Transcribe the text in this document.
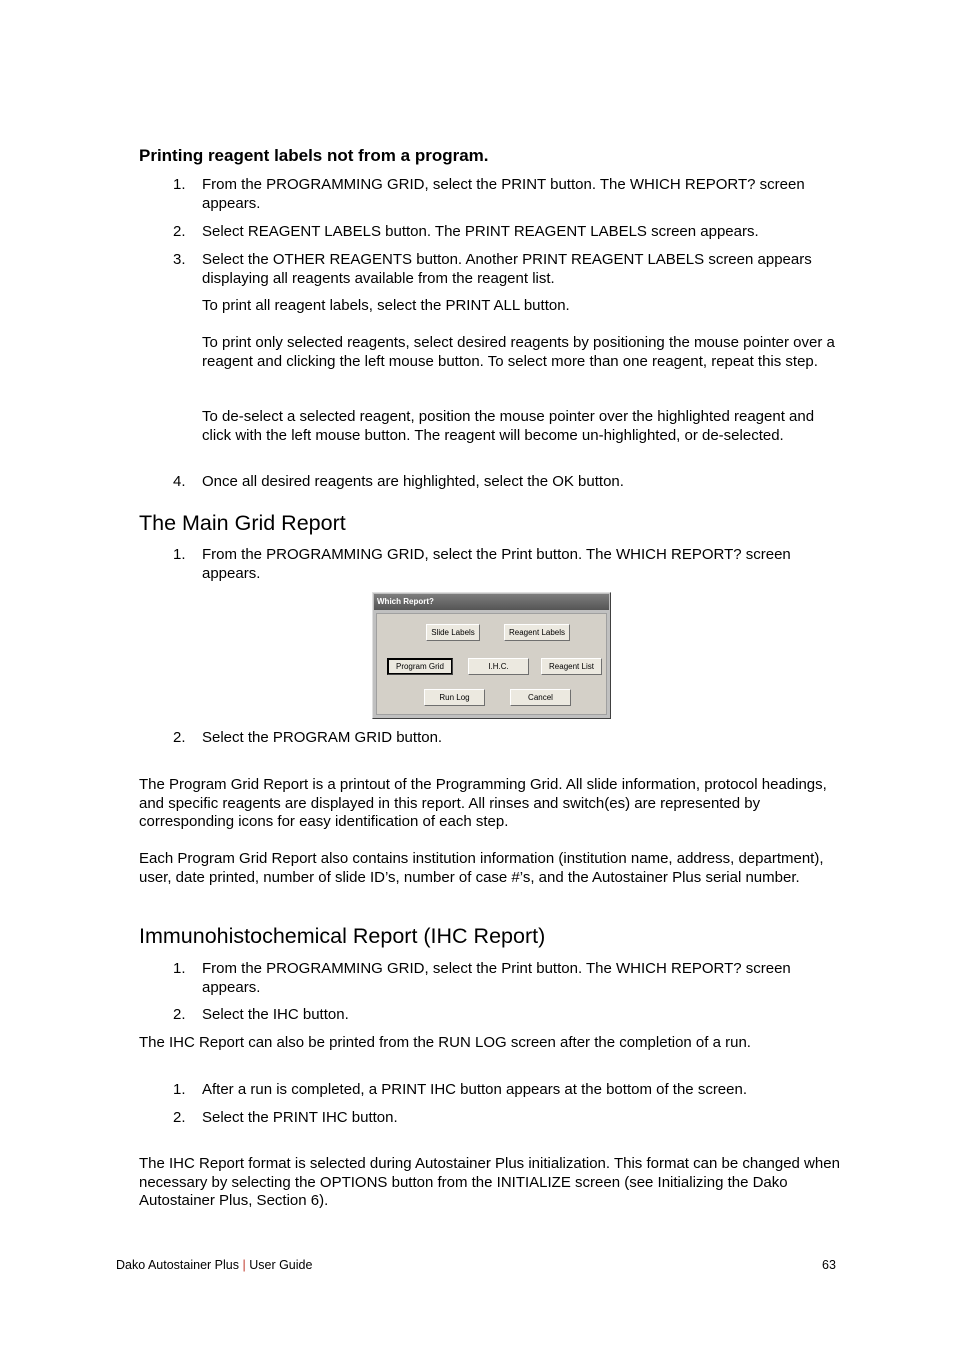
Printing reagent labels not from a program.
1. From the PROGRAMMING GRID, select the PRINT button. The WHICH REPORT? screen appears.
2. Select REAGENT LABELS button. The PRINT REAGENT LABELS screen appears.
3. Select the OTHER REAGENTS button. Another PRINT REAGENT LABELS screen appears displaying all reagents available from the reagent list.
To print all reagent labels, select the PRINT ALL button.
To print only selected reagents, select desired reagents by positioning the mouse pointer over a reagent and clicking the left mouse button. To select more than one reagent, repeat this step.
To de-select a selected reagent, position the mouse pointer over the highlighted reagent and click with the left mouse button. The reagent will become un-highlighted, or de-selected.
4. Once all desired reagents are highlighted, select the OK button.
The Main Grid Report
1. From the PROGRAMMING GRID, select the Print button. The WHICH REPORT? screen appears.
Which Report?
Slide Labels	Reagent Labels
Program Grid	I.H.C.	Reagent List
Run Log	Cancel
2. Select the PROGRAM GRID button.
The Program Grid Report is a printout of the Programming Grid. All slide information, protocol headings, and specific reagents are displayed in this report. All rinses and switch(es) are represented by corresponding icons for easy identification of each step.
Each Program Grid Report also contains institution information (institution name, address, department), user, date printed, number of slide ID’s, number of case #’s, and the Autostainer Plus serial number.
Immunohistochemical Report (IHC Report)
1. From the PROGRAMMING GRID, select the Print button. The WHICH REPORT? screen appears.
2. Select the IHC button.
The IHC Report can also be printed from the RUN LOG screen after the completion of a run.
1. After a run is completed, a PRINT IHC button appears at the bottom of the screen.
2. Select the PRINT IHC button.
The IHC Report format is selected during Autostainer Plus initialization. This format can be changed when necessary by selecting the OPTIONS button from the INITIALIZE screen (see Initializing the Dako Autostainer Plus, Section 6).
Dako Autostainer Plus | User Guide	63
